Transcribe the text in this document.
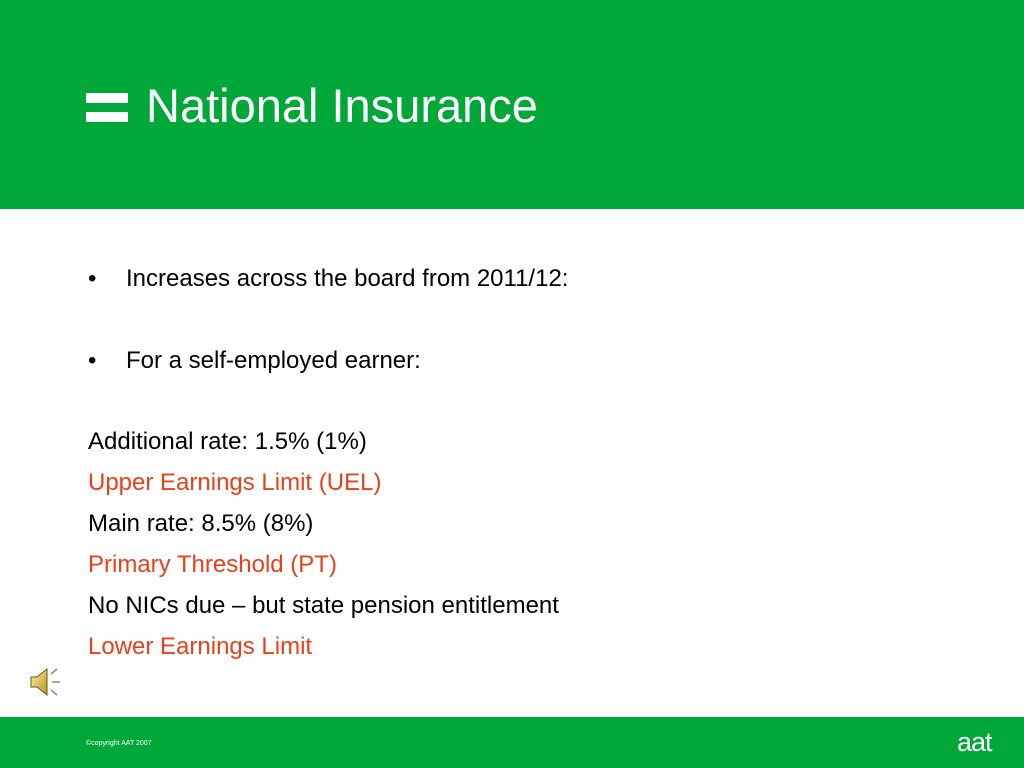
National Insurance
• Increases across the board from 2011/12:
• For a self-employed earner:
Additional rate: 1.5% (1%)
Upper Earnings Limit (UEL)
Main rate: 8.5% (8%)
Primary Threshold (PT)
No NICs due – but state pension entitlement
Lower Earnings Limit
©copyright AAT 2007	aat
